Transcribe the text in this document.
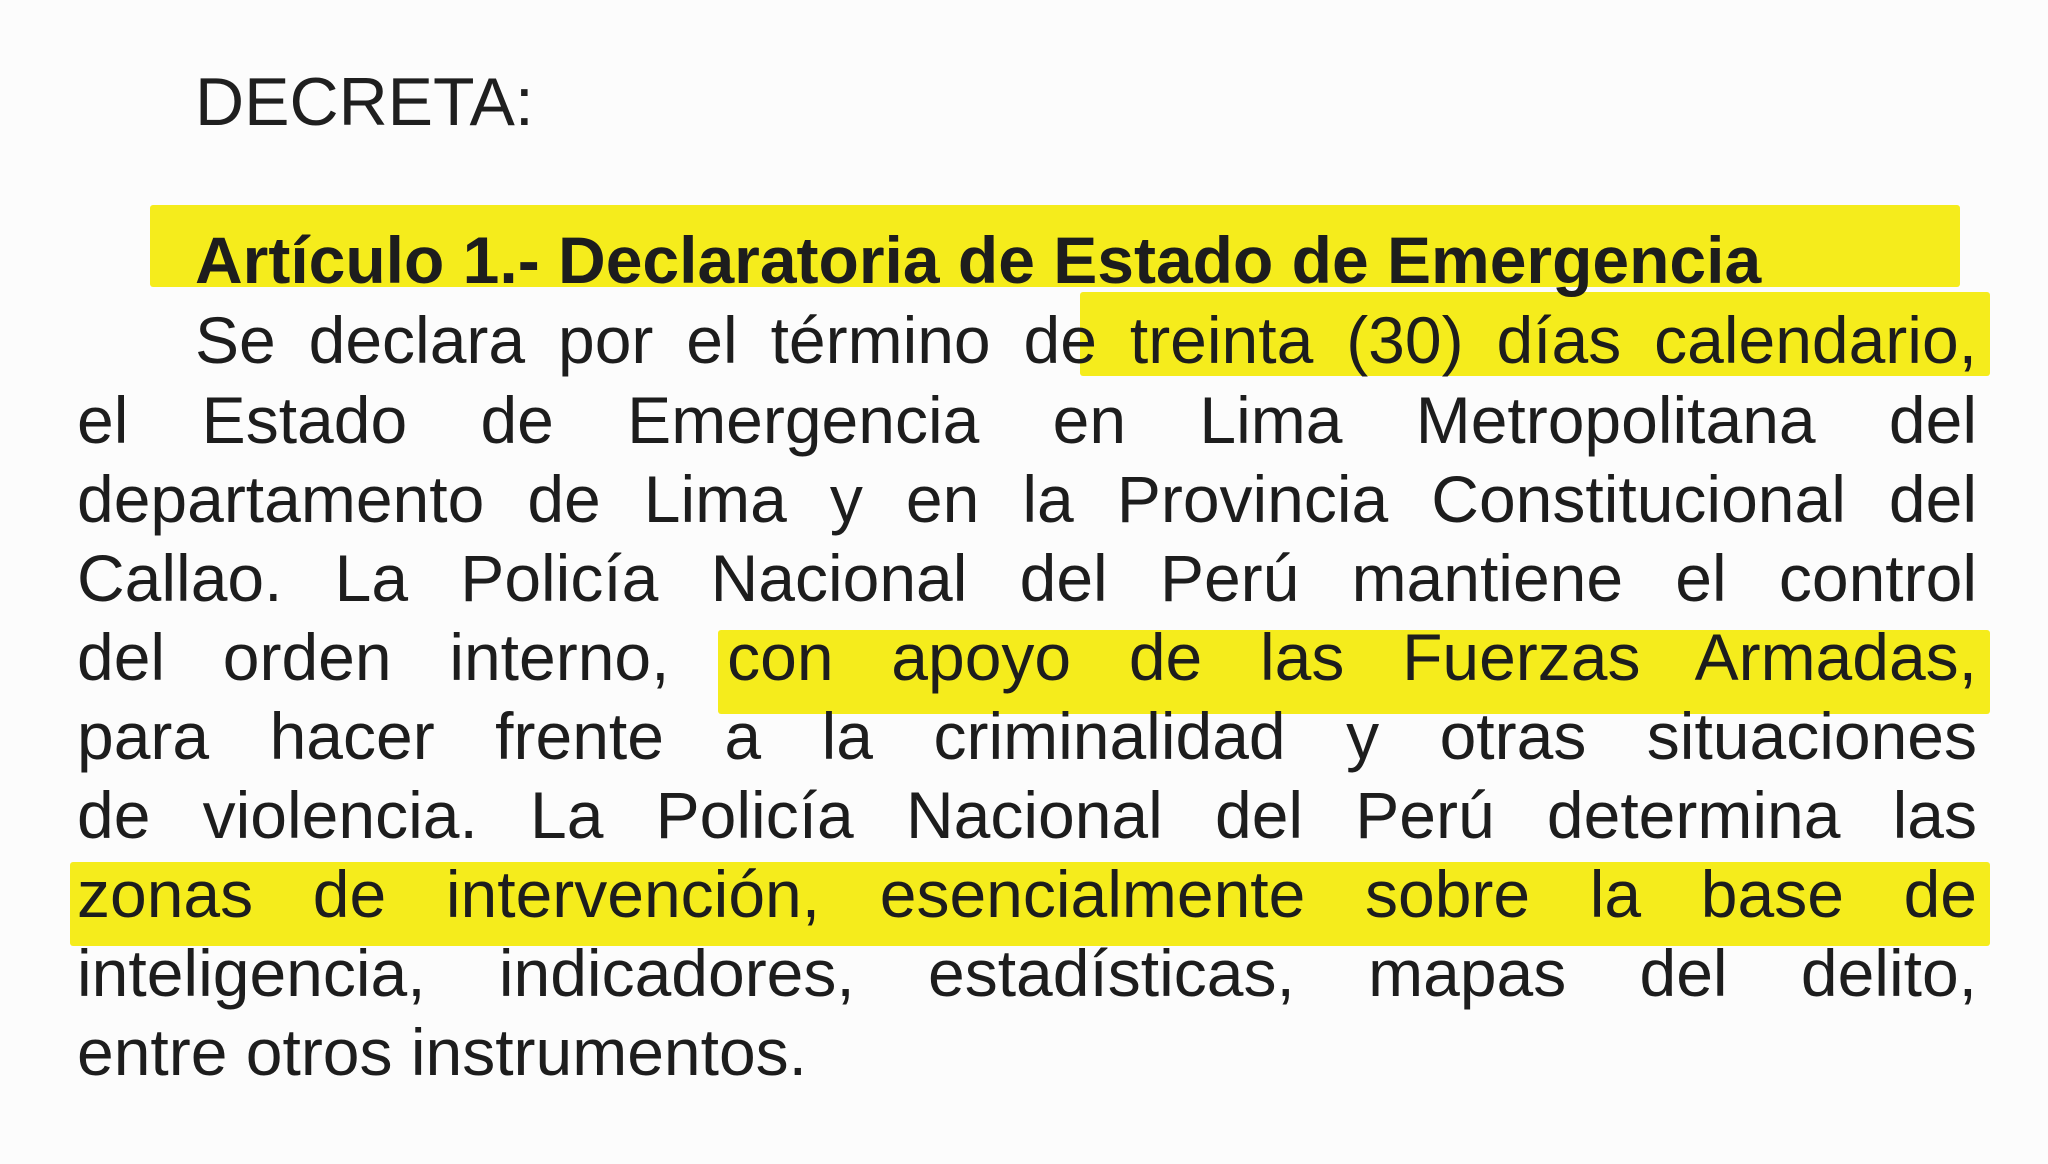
DECRETA:
Artículo 1.- Declaratoria de Estado de Emergencia
Se declara por el término de treinta (30) días calendario,
el Estado de Emergencia en Lima Metropolitana del
departamento de Lima y en la Provincia Constitucional del
Callao. La Policía Nacional del Perú mantiene el control
del orden interno, con apoyo de las Fuerzas Armadas,
para hacer frente a la criminalidad y otras situaciones
de violencia. La Policía Nacional del Perú determina las
zonas de intervención, esencialmente sobre la base de
inteligencia, indicadores, estadísticas, mapas del delito,
entre otros instrumentos.
